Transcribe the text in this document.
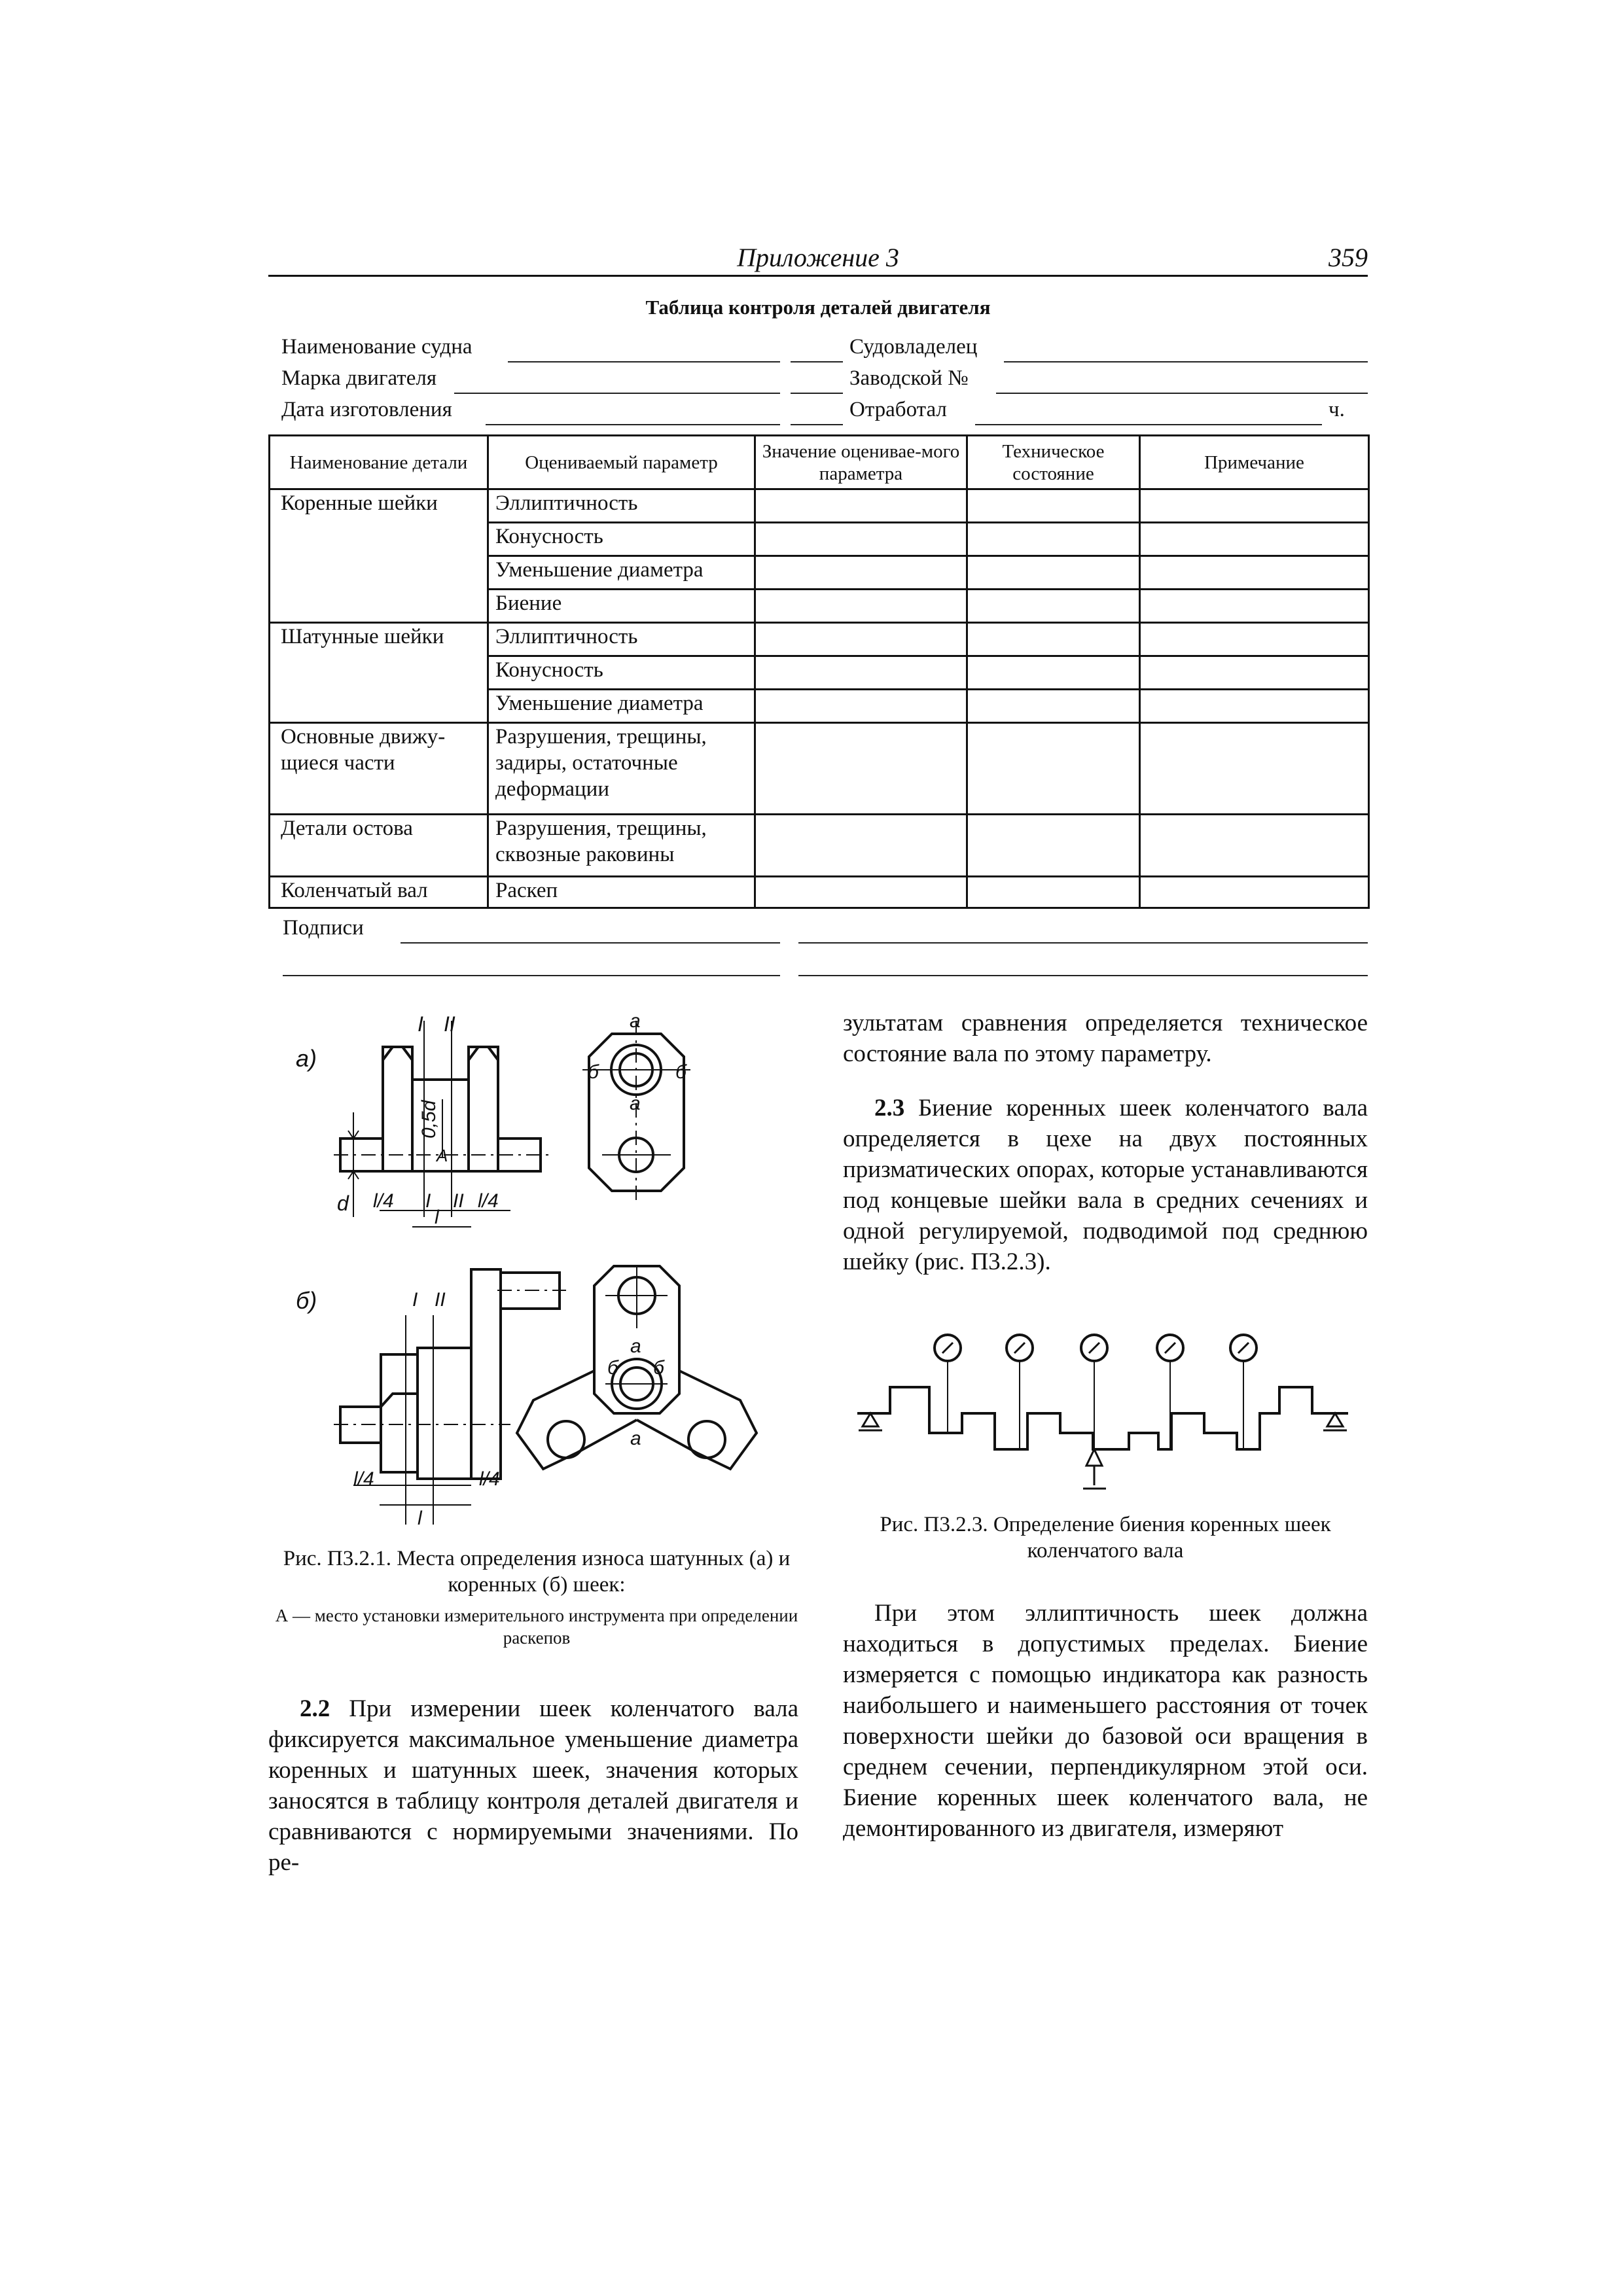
Приложение 3	359
Таблица контроля деталей двигателя
Наименование судна	Судовладелец
Марка двигателя	Заводской №
Дата изготовления	Отработал	ч.
Наименование детали	Оцениваемый параметр	Значение оценивае-мого параметра	Техническое состояние	Примечание
Коренные шейки	Эллиптичность			
	Конусность			
	Уменьшение диаметра			
	Биение			
Шатунные шейки	Эллиптичность			
	Конусность			
	Уменьшение диаметра			
Основные движу-щиеся части	Разрушения, трещины, задиры, остаточные деформации			
Детали остова	Разрушения, трещины, сквозные раковины			
Коленчатый вал	Раскеп			
Подписи
а)
I II
0,5d
d l/4 I II l/4
A
l
а
а
б	б
б)	I II
l/4	l/4
l
а
а
б б
Рис. П3.2.1. Места определения износа шатунных (а) и коренных (б) шеек:
А — место установки измерительного инструмента при определении раскепов

2.2 При измерении шеек коленчатого вала фиксируется максимальное уменьшение диаметра коренных и шатунных шеек, значения которых заносятся в таблицу контроля деталей двигателя и сравниваются с нормируемыми значениями. По ре-

зультатам сравнения определяется техническое состояние вала по этому параметру.

2.3 Биение коренных шеек коленчатого вала определяется в цехе на двух постоянных призматических опорах, которые устанавливаются под концевые шейки вала в средних сечениях и одной регулируемой, подводимой под среднюю шейку (рис. П3.2.3).

Рис. П3.2.3. Определение биения коренных шеек коленчатого вала

При этом эллиптичность шеек должна находиться в допустимых пределах. Биение измеряется с помощью индикатора как разность наибольшего и наименьшего расстояния от точек поверхности шейки до базовой оси вращения в среднем сечении, перпендикулярном этой оси. Биение коренных шеек коленчатого вала, не демонтированного из двигателя, измеряют
